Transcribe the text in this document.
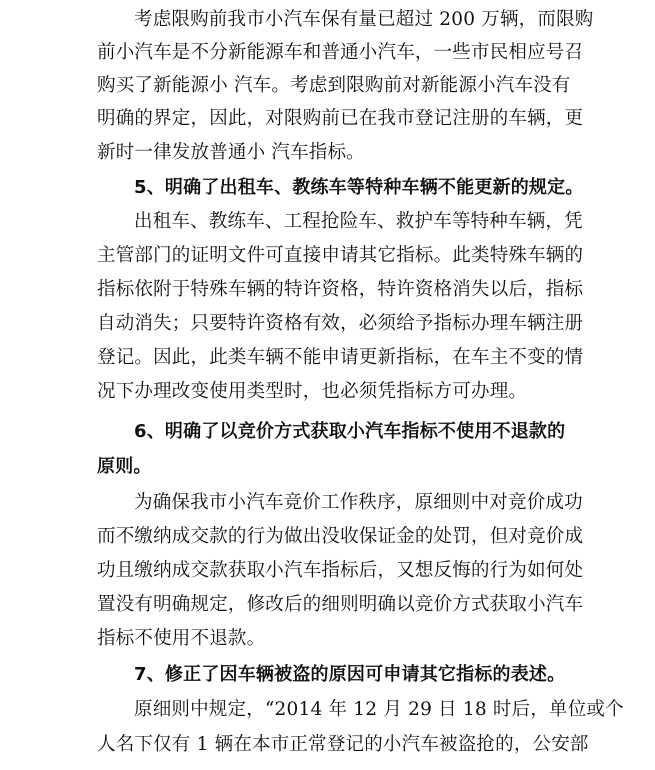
考虑限购前我市小汽车保有量已超过 200 万辆，而限购
前小汽车是不分新能源车和普通小汽车，一些市民相应号召
购买了新能源小 汽车。考虑到限购前对新能源小汽车没有
明确的界定，因此，对限购前已在我市登记注册的车辆，更
新时一律发放普通小 汽车指标。
5、明确了出租车、教练车等特种车辆不能更新的规定。
出租车、教练车、工程抢险车、救护车等特种车辆，凭
主管部门的证明文件可直接申请其它指标。此类特殊车辆的
指标依附于特殊车辆的特许资格，特许资格消失以后，指标
自动消失；只要特许资格有效，必须给予指标办理车辆注册
登记。因此，此类车辆不能申请更新指标，在车主不变的情
况下办理改变使用类型时，也必须凭指标方可办理。
6、明确了以竞价方式获取小汽车指标不使用不退款的
原则。
为确保我市小汽车竞价工作秩序，原细则中对竞价成功
而不缴纳成交款的行为做出没收保证金的处罚，但对竞价成
功且缴纳成交款获取小汽车指标后，又想反悔的行为如何处
置没有明确规定，修改后的细则明确以竞价方式获取小汽车
指标不使用不退款。
7、修正了因车辆被盗的原因可申请其它指标的表述。
原细则中规定，“2014 年 12 月 29 日 18 时后，单位或个
人名下仅有 1 辆在本市正常登记的小汽车被盗抢的，公安部
